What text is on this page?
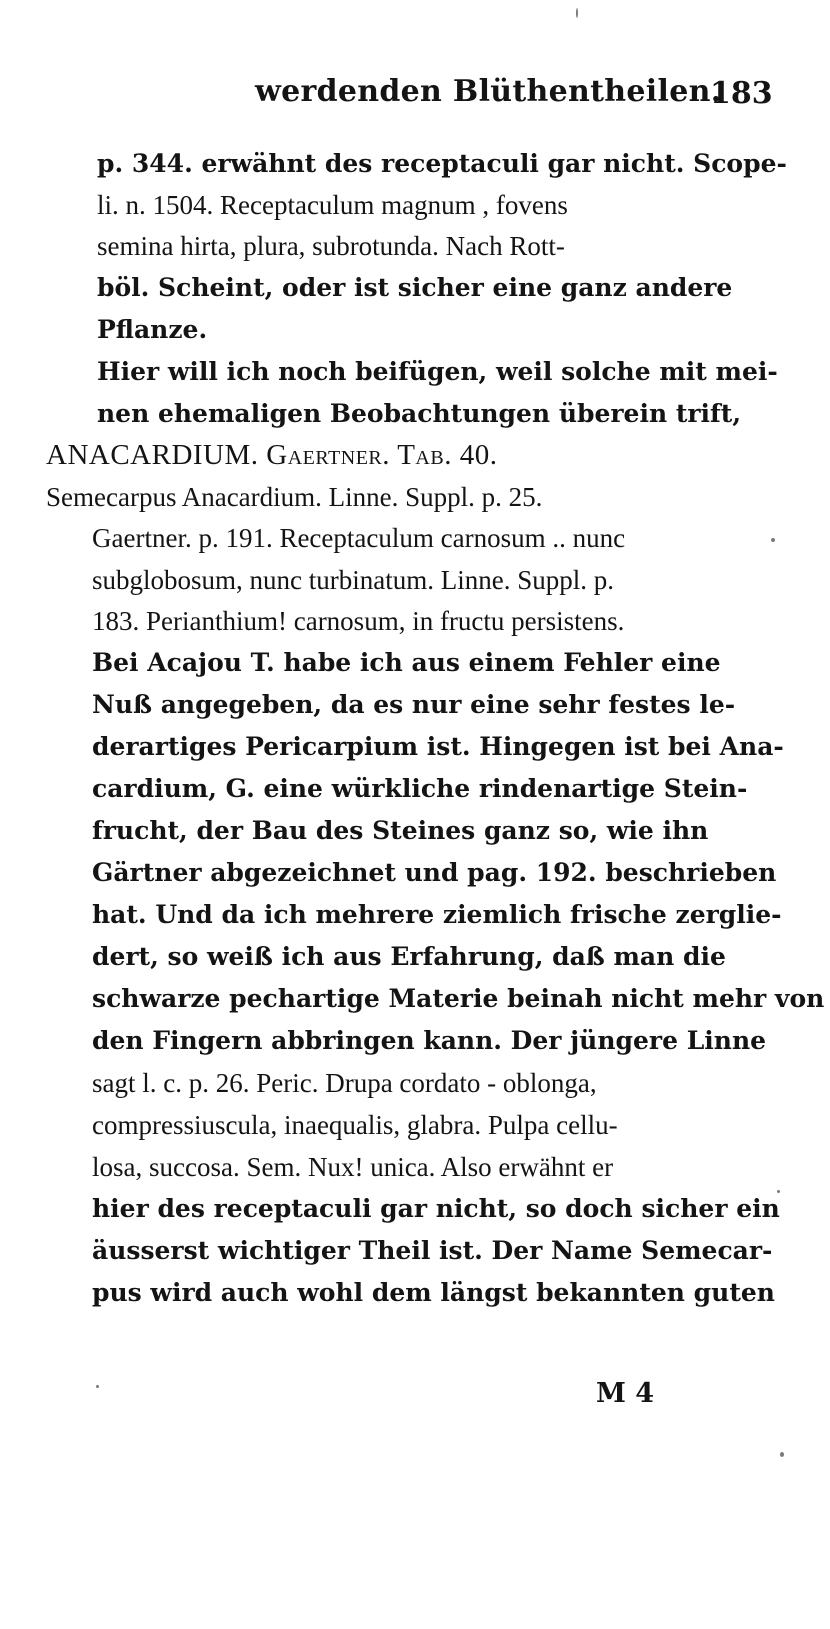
werdenden Blüthentheilen.
183
p. 344. erwähnt des receptaculi gar nicht. Scope-
li. n. 1504. Receptaculum magnum , fovens
semina hirta, plura, subrotunda. Nach Rott-
böl. Scheint, oder ist sicher eine ganz andere
Pflanze.
Hier will ich noch beifügen, weil solche mit mei-
nen ehemaligen Beobachtungen überein trift,
ANACARDIUM. Gaertner. Tab. 40.
Semecarpus Anacardium. Linne. Suppl. p. 25.
Gaertner. p. 191. Receptaculum carnosum .. nunc
subglobosum, nunc turbinatum. Linne. Suppl. p.
183. Perianthium! carnosum, in fructu persistens.
Bei Acajou T. habe ich aus einem Fehler eine
Nuß angegeben, da es nur eine sehr festes le-
derartiges Pericarpium ist. Hingegen ist bei Ana-
cardium, G. eine würkliche rindenartige Stein-
frucht, der Bau des Steines ganz so, wie ihn
Gärtner abgezeichnet und pag. 192. beschrieben
hat. Und da ich mehrere ziemlich frische zerglie-
dert, so weiß ich aus Erfahrung, daß man die
schwarze pechartige Materie beinah nicht mehr von
den Fingern abbringen kann. Der jüngere Linne
sagt l. c. p. 26. Peric. Drupa cordato - oblonga,
compressiuscula, inaequalis, glabra. Pulpa cellu-
losa, succosa. Sem. Nux! unica. Also erwähnt er
hier des receptaculi gar nicht, so doch sicher ein
äusserst wichtiger Theil ist. Der Name Semecar-
pus wird auch wohl dem längst bekannten guten
M 4
